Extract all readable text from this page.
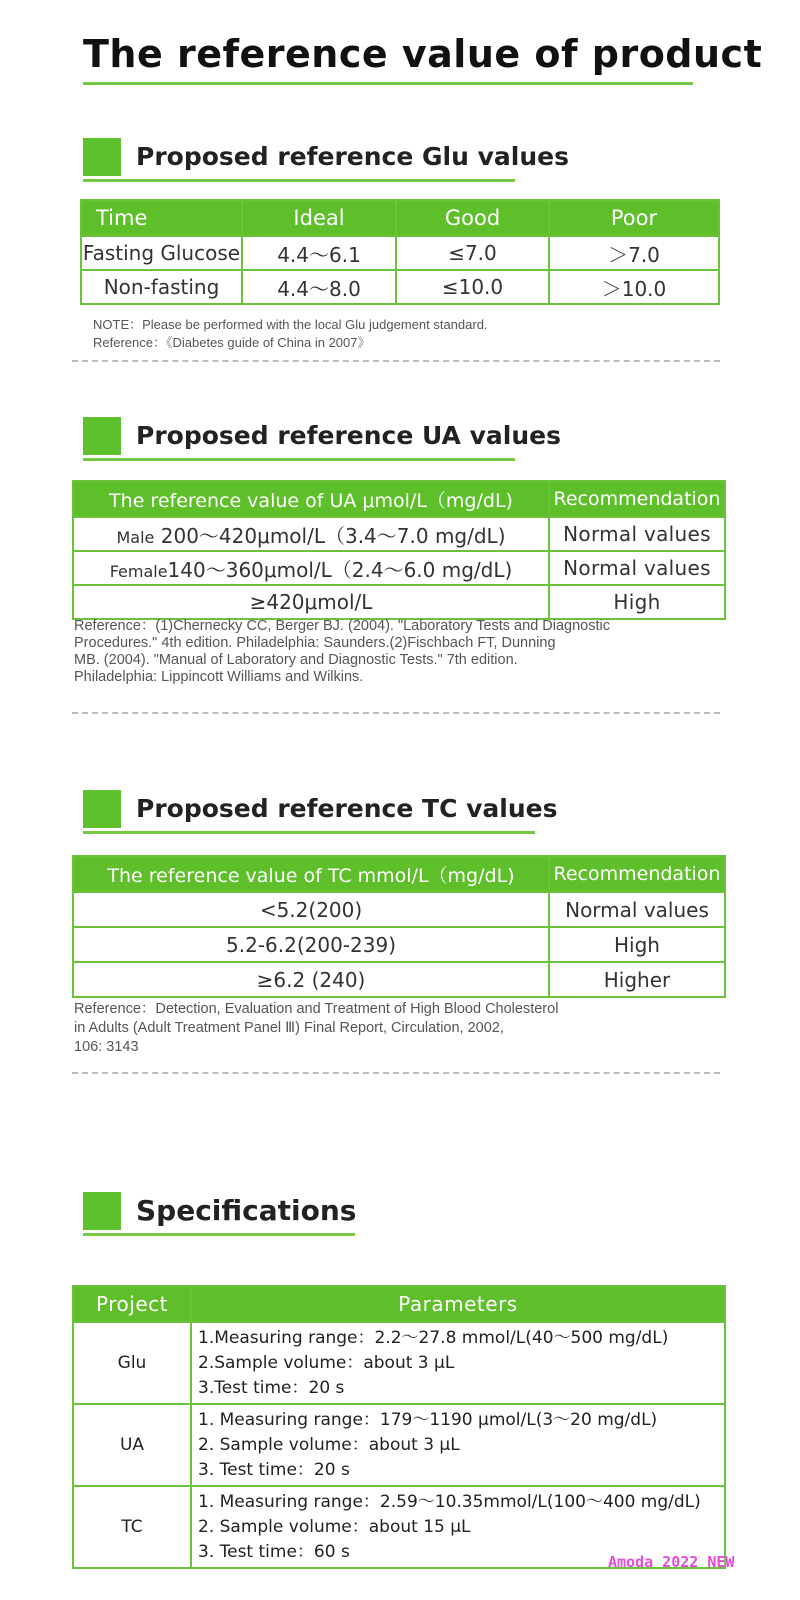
The reference value of product
Proposed reference Glu values
Time	Ideal	Good	Poor
Fasting Glucose	4.4～6.1	≤7.0	＞7.0
Non-fasting	4.4～8.0	≤10.0	＞10.0

NOTE：Please be performed with the local Glu judgement standard.

Reference：《Diabetes guide of China in 2007》

Proposed reference UA values
The reference value of UA μmol/L（mg/dL)	Recommendation
Male 200～420μmol/L（3.4～7.0 mg/dL)	Normal values
Female140～360μmol/L（2.4～6.0 mg/dL)	Normal values
≥420μmol/L	High

Reference：(1)Chernecky CC, Berger BJ. (2004). "Laboratory Tests and Diagnostic

Procedures." 4th edition. Philadelphia: Saunders.(2)Fischbach FT, Dunning

MB. (2004). "Manual of Laboratory and Diagnostic Tests." 7th edition.

Philadelphia: Lippincott Williams and Wilkins.

Proposed reference TC values
The reference value of TC mmol/L（mg/dL)	Recommendation
<5.2(200)	Normal values
5.2-6.2(200-239)	High
≥6.2 (240)	Higher

Reference：Detection, Evaluation and Treatment of High Blood Cholesterol

in Adults (Adult Treatment Panel Ⅲ) Final Report, Circulation, 2002,

106: 3143

Specifications
Project	Parameters
Glu	1.Measuring range：2.2～27.8 mmol/L(40～500 mg/dL)
2.Sample volume：about 3 μL
3.Test time：20 s

UA	1. Measuring range：179～1190 μmol/L(3～20 mg/dL)
2. Sample volume：about 3 μL
3. Test time：20 s

TC	1. Measuring range：2.59～10.35mmol/L(100～400 mg/dL)
2. Sample volume：about 15 μL
3. Test time：60 s
Amoda 2022 NEW
